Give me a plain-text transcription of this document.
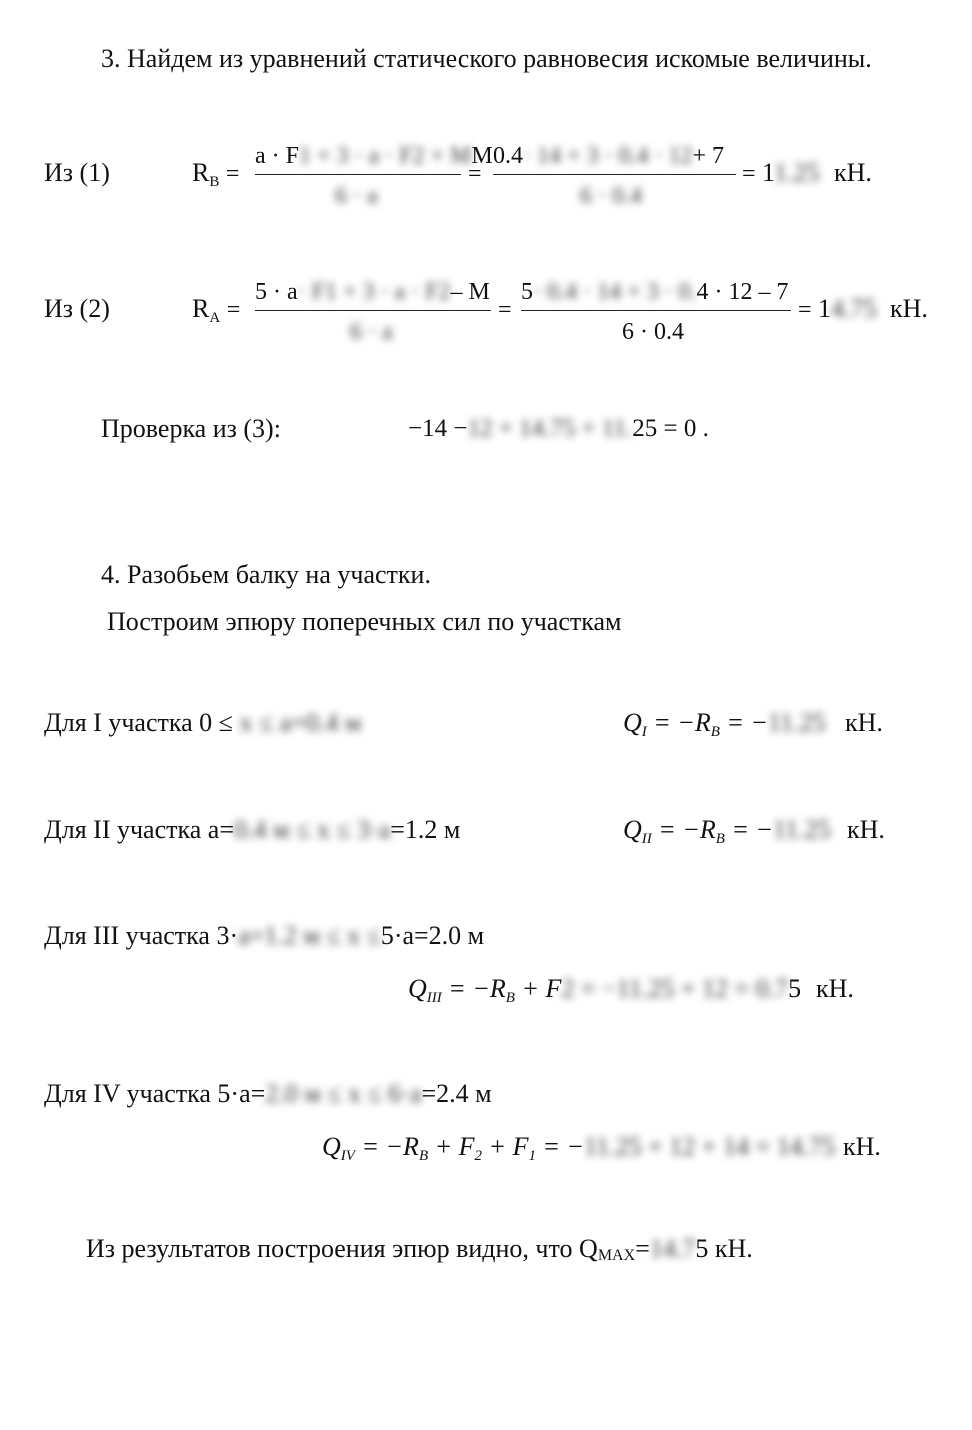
3. Найдем из уравнений статического равновесия искомые величины.
Из (1)	$R_B$ =
a · F1 + 3 · a · F2 + MM
6 · a
=
0.4· 14 + 3 · 0.4 · 12+ 7
6 · 0.4
= 11.25 кН.
Из (2)	$R_A$ =
5 · a· F1 + 3 · a · F2– M
6 · a
=
5· 0.4 · 14 + 3 · 0.4 · 12 – 7
6 · 0.4
= 14.75 кН.
Проверка из (3):	−14 −12 + 14.75 + 11.25 = 0 .
4. Разобьем балку на участки.
Построим эпюру поперечных сил по участкам
Для I участка 0 ≤ x ≤ a=0.4 м	$Q_I = -R_B = -11.25$ кН.
Для II участка a=0.4 м ≤ x ≤ 3·a=1.2 м	$Q_{II} = -R_B = -11.25$ кН.
Для III участка 3·a=1.2 м ≤ x ≤5·a=2.0 м
$Q_{III} = -R_B + F2 = -11.25 + 12 = 0.75$ кН.
Для IV участка 5·a=2.0 м ≤ x ≤ 6·a=2.4 м
$Q_{IV} = -R_B + F_2 + F_1 = -11.25 + 12 + 14 = 14.75$ кН.
Из результатов построения эпюр видно, что $Q_{MAX}=14.75$ кН.
